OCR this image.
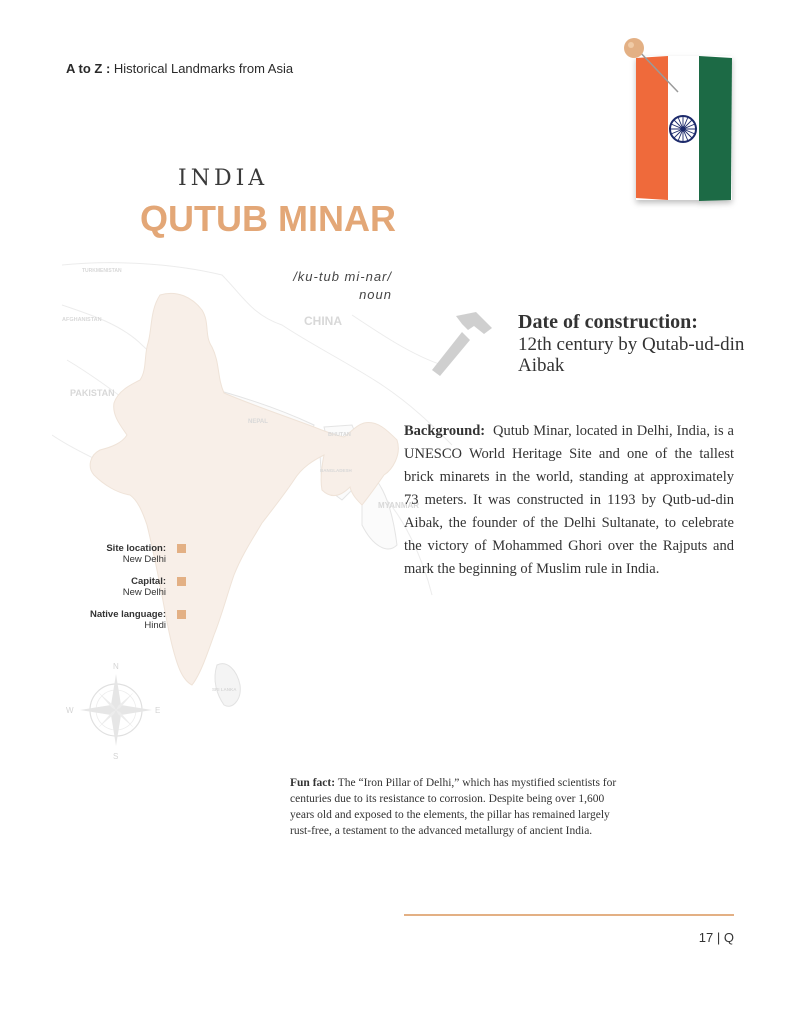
A to Z : Historical Landmarks from Asia
INDIA
QUTUB MINAR
/ku-tub mi-nar/
noun
CHINA
PAKISTAN
NEPAL
BHUTAN
BANGLADESH
MYANMAR
TURKMENISTAN
AFGHANISTAN
SRI LANKA
N
S
E
W
Site location:
New Delhi
Capital:
New Delhi
Native language:
Hindi
Date of construction:
12th century by Qutab-ud-din Aibak
Background: Qutub Minar, located in Delhi, India, is a UNESCO World Heritage Site and one of the tallest brick minarets in the world, standing at approximately 73 meters. It was constructed in 1193 by Qutb-ud-din Aibak, the founder of the Delhi Sultanate, to celebrate the victory of Mohammed Ghori over the Rajputs and mark the beginning of Muslim rule in India.
Fun fact: The “Iron Pillar of Delhi,” which has mystified scientists for centuries due to its resistance to corrosion. Despite being over 1,600 years old and exposed to the elements, the pillar has remained largely rust-free, a testament to the advanced metallurgy of ancient India.
17 | Q
